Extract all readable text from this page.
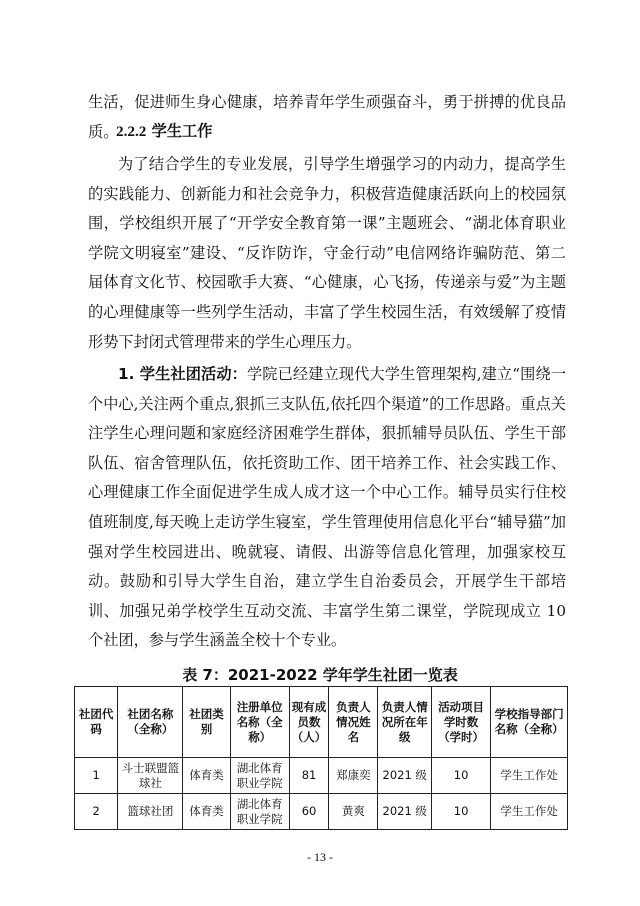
生活，促进师生身心健康，培养青年学生顽强奋斗，勇于拼搏的优良品质。

2.2.2 学生工作

为了结合学生的专业发展，引导学生增强学习的内动力，提高学生的实践能力、创新能力和社会竞争力，积极营造健康活跃向上的校园氛围，学校组织开展了“开学安全教育第一课”主题班会、“湖北体育职业学院文明寝室”建设、“反诈防诈，守金行动”电信网络诈骗防范、第二届体育文化节、校园歌手大赛、“心健康，心飞扬，传递亲与爱”为主题的心理健康等一些列学生活动，丰富了学生校园生活，有效缓解了疫情形势下封闭式管理带来的学生心理压力。

1. 学生社团活动：学院已经建立现代大学生管理架构,建立“围绕一个中心,关注两个重点,狠抓三支队伍,依托四个渠道”的工作思路。重点关注学生心理问题和家庭经济困难学生群体，狠抓辅导员队伍、学生干部队伍、宿舍管理队伍，依托资助工作、团干培养工作、社会实践工作、心理健康工作全面促进学生成人成才这一个中心工作。辅导员实行住校值班制度,每天晚上走访学生寝室，学生管理使用信息化平台“辅导猫”加强对学生校园进出、晚就寝、请假、出游等信息化管理，加强家校互动。鼓励和引导大学生自治，建立学生自治委员会，开展学生干部培训、加强兄弟学校学生互动交流、丰富学生第二课堂，学院现成立 10 个社团，参与学生涵盖全校十个专业。

表 7：2021-2022 学年学生社团一览表

社团代码	社团名称（全称）	社团类别	注册单位名称（全称）	现有成员数（人）	负责人情况姓名	负责人情况所在年级	活动项目学时数（学时）	学校指导部门名称（全称）
1	斗士联盟篮球社	体育类	湖北体育职业学院	81	郑康奕	2021 级	10	学生工作处
2	篮球社团	体育类	湖北体育职业学院	60	黄爽	2021 级	10	学生工作处
- 13 -
